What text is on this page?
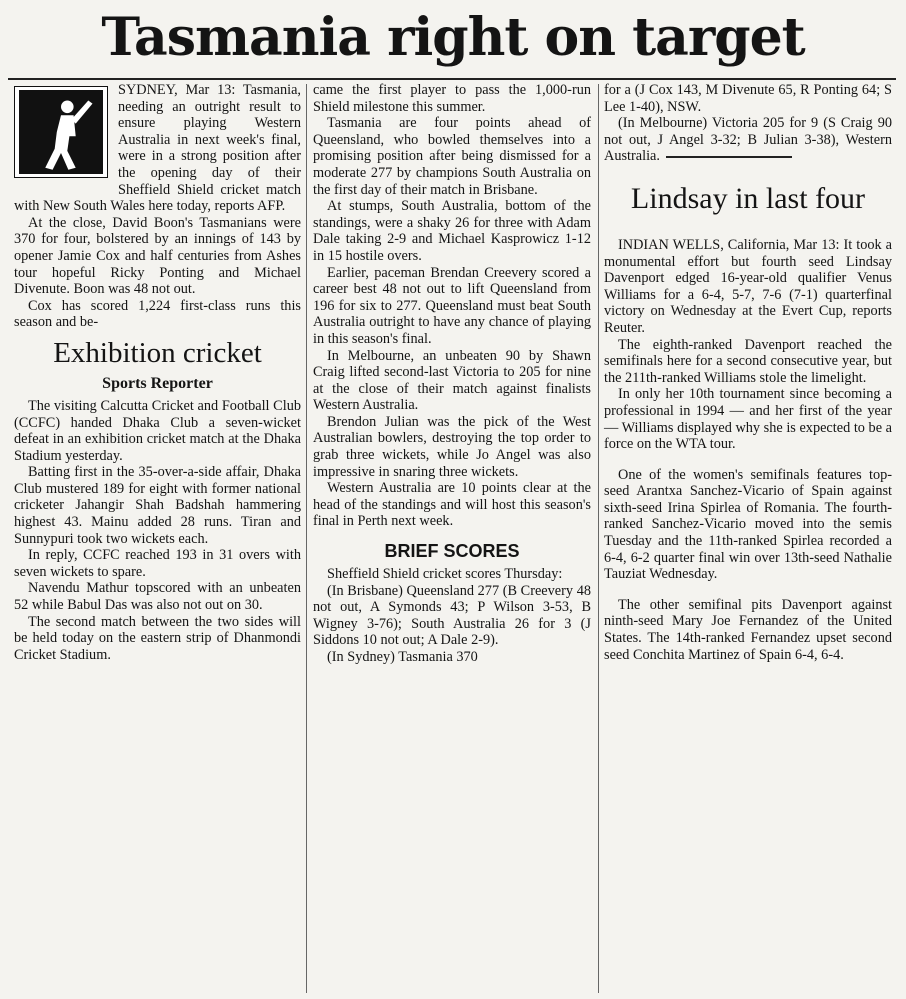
Tasmania right on target

SYDNEY, Mar 13: Tasmania, needing an outright result to ensure playing Western Australia in next week's final, were in a strong position after the opening day of their Sheffield Shield cricket match with New South Wales here today, reports AFP.

At the close, David Boon's Tasmanians were 370 for four, bolstered by an innings of 143 by opener Jamie Cox and half centuries from Ashes tour hopeful Ricky Ponting and Michael Divenute. Boon was 48 not out.

Cox has scored 1,224 first-class runs this season and be-

Exhibition cricket
Sports Reporter

The visiting Calcutta Cricket and Football Club (CCFC) handed Dhaka Club a seven-wicket defeat in an exhibition cricket match at the Dhaka Stadium yesterday.

Batting first in the 35-over-a-side affair, Dhaka Club mustered 189 for eight with former national cricketer Jahangir Shah Badshah hammering highest 43. Mainu added 28 runs. Tiran and Sunnypuri took two wickets each.

In reply, CCFC reached 193 in 31 overs with seven wickets to spare.

Navendu Mathur topscored with an unbeaten 52 while Babul Das was also not out on 30.

The second match between the two sides will be held today on the eastern strip of Dhanmondi Cricket Stadium.

came the first player to pass the 1,000-run Shield milestone this summer.

Tasmania are four points ahead of Queensland, who bowled themselves into a promising position after being dismissed for a moderate 277 by champions South Australia on the first day of their match in Brisbane.

At stumps, South Australia, bottom of the standings, were a shaky 26 for three with Adam Dale taking 2-9 and Michael Kasprowicz 1-12 in 15 hostile overs.

Earlier, paceman Brendan Creevery scored a career best 48 not out to lift Queensland from 196 for six to 277. Queensland must beat South Australia outright to have any chance of playing in this season's final.

In Melbourne, an unbeaten 90 by Shawn Craig lifted second-last Victoria to 205 for nine at the close of their match against finalists Western Australia.

Brendon Julian was the pick of the West Australian bowlers, destroying the top order to grab three wickets, while Jo Angel was also impressive in snaring three wickets.

Western Australia are 10 points clear at the head of the standings and will host this season's final in Perth next week.

BRIEF SCORES

Sheffield Shield cricket scores Thursday:

(In Brisbane) Queensland 277 (B Creevery 48 not out, A Symonds 43; P Wilson 3-53, B Wigney 3-76); South Australia 26 for 3 (J Siddons 10 not out; A Dale 2-9).

(In Sydney) Tasmania 370

for a (J Cox 143, M Divenute 65, R Ponting 64; S Lee 1-40), NSW.

(In Melbourne) Victoria 205 for 9 (S Craig 90 not out, J Angel 3-32; B Julian 3-38), Western Australia.

Lindsay in last four

INDIAN WELLS, California, Mar 13: It took a monumental effort but fourth seed Lindsay Davenport edged 16-year-old qualifier Venus Williams for a 6-4, 5-7, 7-6 (7-1) quarterfinal victory on Wednesday at the Evert Cup, reports Reuter.

The eighth-ranked Davenport reached the semifinals here for a second consecutive year, but the 211th-ranked Williams stole the limelight.

In only her 10th tournament since becoming a professional in 1994 — and her first of the year — Williams displayed why she is expected to be a force on the WTA tour.

One of the women's semifinals features top-seed Arantxa Sanchez-Vicario of Spain against sixth-seed Irina Spirlea of Romania. The fourth-ranked Sanchez-Vicario moved into the semis Tuesday and the 11th-ranked Spirlea recorded a 6-4, 6-2 quarter final win over 13th-seed Nathalie Tauziat Wednesday.

The other semifinal pits Davenport against ninth-seed Mary Joe Fernandez of the United States. The 14th-ranked Fernandez upset second seed Conchita Martinez of Spain 6-4, 6-4.
